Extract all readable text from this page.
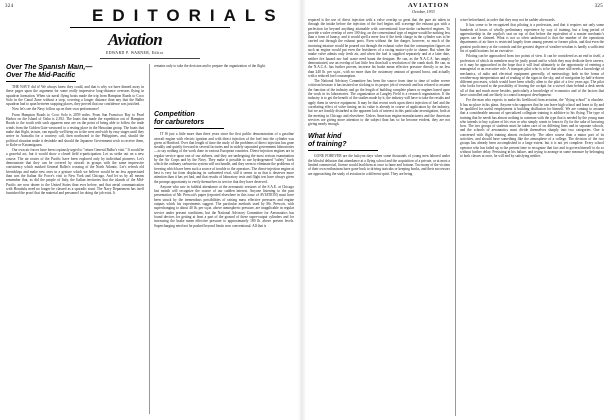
324	EDITORIALS
Aviation
EDWARD P. WARNER, Editor
Over The Spanish Main,—
Over The Mid-Pacific

THE NAVY did it! We always knew they could, and that is why we have dinned away in these pages upon the argument for some really impressive long-distance overseas flying in squadron formation. When six naval flying boats made the trip from Hampton Roads to Coco Solo in the Canal Zone without a stop, covering a longer distance than any that the Balbo squadron had to span between stopping places, they proved that our confidence was justified.

Now let's see the Navy follow up on their own performance!

From Hampton Roads to Coco Solo is 2059 miles. From San Francisco Bay to Pearl Harbor on the Island of Oahu is 2,392. The boats that made the expedition out of Hampton Roads to the south with such apparent ease are on the point of being able to follow the trade winds from the Golden Gate westward to a resting place in the Hawaiian group. The boats that make that flight, in turn, can equally well keep on to the west and with by easy stages until they arrive in Australia for a courtesy call, then northward to the Philippines, and, should the political situation make it desirable and should the Japanese Government wish to receive them, to Kobe or Kasumigaura.

Our own air forces have been copiously urged to "return General Balbo's visit." It would be a graceful act, but it would show a closed field a-participation. Let us strike out on a new course. The air routes of the Pacific have been explored only by individual pioneers. Let's demonstrate that they can be covered by aircraft in groups with the same impressive consistency which marked General Balbo's crossing of the North Atlantic. Let's refresh old friendships and make new ones in a gesture which we believe would be no less appreciated than was the Italian Air Force's visit to New York and Chicago. And let us by all means remember that, as did the people of Italy, the Italian territories that the islands of the Mid-Pacific are now dearer to the United States than ever before, and that aerial communication with Honolulu need no longer be classed as a sporadic stunt. The Navy Department has itself furnished the proof that the material and personnel for doing the job exist. It

remains only to take the decision and to prepare the organization of the flight.

Competition
for carburetors

IT IS just a little more than three years since the first public demonstration of a gasoline aircraft engine with electric ignition and with direct injection of the fuel into the cylinder was given at Hartford. Over that length of time the study of the problems of direct injection has gone steadily and quietly forward in several factories and in widely separated government laboratories—to say nothing of the work done in various European countries. Direct-injection engines are in regular service upon one of our airlines, and they are undergoing the most serious examination by the Air Corps and by the Navy. They make it possible to use hydrogenated "safety" fuels which the ordinary carburetor system will not handle, and they seem to eliminate the problems of freezing which have been such a source of trouble to the operators. The direct-injection engine at best is very far from displacing its carbureted rival, still it seems to us that it deserves more attention than it has yet had, and that results of laboratory tests and flight test have always given the prompt opportunity to verify themselves in service that they have deserved.

Anyone who saw in faithful attendance at the aeronautic sessions of the S.A.E. at Chicago last month will recognize the source of our sudden interest. Anyone listening to the past presentation of Mr. Prescott's paper (reported elsewhere in this issue of AVIATION) must have been struck by the tremendous possibilities of raising mass effective pressures and engine outputs which his experiments suggest. The particular methods used by Mr. Prescott, with superchanging to about 40 lb. per sq.in. above atmospheric pressure, are inapplicable in regular service under present conditions, but the National Advisory Committee for Aeronautics has found devices for getting at least a part of the ground of these super-output cylinders and for increasing the brake mean effective pressure to approximately 180 lb. above present levels. Supercharging need not be pushed beyond limits now conventional. All that is

AVIATION
October, 1933
325

required is the use of direct injection with a valve overlap so great that the pure air taken in through the intake before the injection of the fuel begins will scavenge the exhaust gas with a perfection far beyond anything attainable with conventional four-stroke carbureted engines. To provide a valve overlap of over 100 deg. on the conventional type of engine would be nothing less than a form of lunacy, and it would spell a mere loss if the fresh charge in the cylinder was to be carried out through the exhaust ports. Even without the fire danger, however, so much of the incoming mixture would be poured out through the exhaust valve that the consumption figures on such an engine would put even the lavishness of a racing motor-cycle to shame. But when the intake valve admits only fresh air, and when the fuel is supplied separately and at a later date, neither fire hazard nor fuel waste need haunt the designer. He can, as the N.A.C.A. has amply demonstrated, use an overlap of last little less than half a revolution of the crank shaft. He can, as the N.A.C.A. has further proven, increase his brake mean effective pressure directly to no less than 240 lb. per sq.in., with no more than the customary amount of ground boost, and actually with a reduced fuel consumption.

The National Advisory Committee has been the source from time to time of rather severe criticism because it has insisted on sticking to its proper job of research and has refused to assume the function of the industry and go the length of building complete planes or engines based upon the work in its laboratories. The organization at Langley Field is a research organization. If the industry is to get the benefit of the studies made by it, the industry will have to take the results and apply them in service equipment. It may be that recent work upon direct injection of fuel and the correlating effect of valve timing on its value is already in course of application by the industry, but we are frankly disturbed at the apparent lack of interest in this particular investigation, both at the meeting in Chicago and elsewhere. Unless American engine manufacturers and the American services are giving more attention to the subject than has so far become evident, they are not giving nearly enough.

What kind
of training?

GONE FOREVER are the halcyon days when some thousands of young men labored under the blissful delusion that attendance at a flying school and the acquisition of a private, or at most a limited commercial, license would lead them at once to fame and fortune. Too many of the victims of their own enthusiasm have gone back to driving taxicabs or keeping books, and their successors are approaching the study of aviation in a different spirit. They are being

wiser beforehand, in order that they may not be sadder afterwards.

It has come to be recognized that piloting is a profession, and that it requires not only some hundreds of hours of wholly preliminary experience by way of training, but a long period of apprenticeship in the copilot's seat on top of that before the equivalent of a master mechanic's papers can be claimed. What is not so often understood is that the number of the operations departments of air lines is restricted largely from among present or former pilots, and that even the greatest proficiency at the controls and the greatest degree of weather-wisdom is hardly a sufficient list of qualifications for an executive.

Piloting can be approached from two points of view. It can be considered as an end in itself, a profession of which its members may be justly proud and to which they may dedicate their careers, or it may be approached in the hope that it will lead ultimately to the opportunity of entering a managerial or an executive role. A transport pilot who is to be that alone still needs a knowledge of mechanics, of radio and electrical equipment generally, of meteorology both in the forms of weather-map interpretation and of reading of the signs in the sky, and of navigation by half-a-dozen different processes, which would have been wholly alien to the pilot of a few years ago. The pilot who looks forward to the possibility of leaving the cockpit for a swivel chair behind a desk needs all of that and much more besides, particularly a knowledge of economics and of the factors that have controlled and are likely to control transport development.

For the man who expects to make his livelihood from aviation, the "flying school" is obsolete. It has no place in his plans. Anyone who supposes that he can leave high school and learn to fly and be qualified for useful employment is building disillusion for himself. We are coming to assume that a considerable amount of specialized collegiate training is additive to his flying. The type of training that he needs has almost nothing in common with the type that is needed by the young man who intends to buy a plane of his own or who simply wants to learn to fly for the sake of knowing how. The two groups of students must be taken care of on differing lines and in separate schools, and the schools of aeronautics must divide themselves sharply into two categories. One is concerned with flight training almost exclusively. The other course than a minor part of its activities, and should have something like the atmosphere of a college. The division of the two groups has already been accomplished to a large extent, but it is not yet complete. Every school operator who has failed up to the present time to recognize that fact and to govern himself to do so without further delay. Persisting in his failure, and trying to arrange in some measure by belonging to both classes at once, he will end by satisfying neither.
